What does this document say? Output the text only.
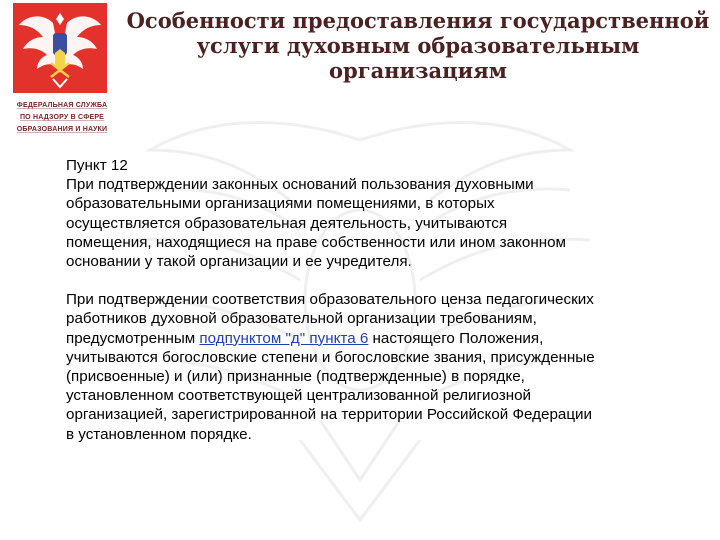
ФЕДЕРАЛЬНАЯ СЛУЖБА
ПО НАДЗОРУ В СФЕРЕ
ОБРАЗОВАНИЯ И НАУКИ
Особенности предоставления государственной
услуги духовным образовательным
организациям

Пункт 12

При подтверждении законных оснований пользования духовными

образовательными организациями помещениями, в которых

осуществляется образовательная деятельность, учитываются

помещения, находящиеся на праве собственности или ином законном

основании у такой организации и ее учредителя.

При подтверждении соответствия образовательного ценза педагогических

работников духовной образовательной организации требованиям,

предусмотренным подпунктом "д" пункта 6 настоящего Положения,

учитываются богословские степени и богословские звания, присужденные

(присвоенные) и (или) признанные (подтвержденные) в порядке,

установленном соответствующей централизованной религиозной

организацией, зарегистрированной на территории Российской Федерации

в установленном порядке.
